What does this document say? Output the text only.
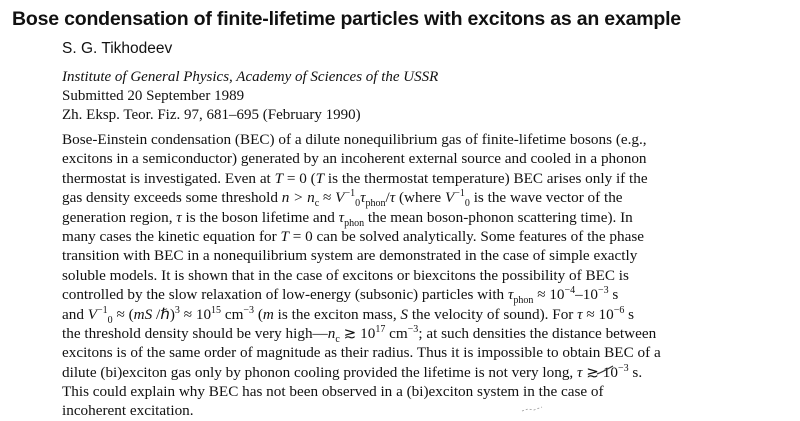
Bose condensation of finite-lifetime particles with excitons as an example
S. G. Tikhodeev
Institute of General Physics, Academy of Sciences of the USSR
Submitted 20 September 1989
Zh. Eksp. Teor. Fiz. 97, 681–695 (February 1990)
Bose-Einstein condensation (BEC) of a dilute nonequilibrium gas of finite-lifetime bosons (e.g.,
excitons in a semiconductor) generated by an incoherent external source and cooled in a phonon
thermostat is investigated. Even at T = 0 (T is the thermostat temperature) BEC arises only if the
gas density exceeds some threshold $n > n_c \approx V^{-1}_0\tau_{phon}/\tau$ (where $V^{-1}_0$ is the wave vector of the
generation region, τ is the boson lifetime and $\tau_{phon}$ the mean boson-phonon scattering time). In
many cases the kinetic equation for T = 0 can be solved analytically. Some features of the phase
transition with BEC in a nonequilibrium system are demonstrated in the case of simple exactly
soluble models. It is shown that in the case of excitons or biexcitons the possibility of BEC is
controlled by the slow relaxation of low-energy (subsonic) particles with $\tau_{phon} \approx 10^{-4}-10^{-3}$ s
and $V^{-1}_0 \approx (mS$ /ℏ)$^3$ ≈ $10^{15}$ $cm^{-3}$ (m is the exciton mass, S the velocity of sound). For $\tau \approx 10^{-6}$ s
the threshold density should be very $high—n_c$ ≳ $10^{17}$ $cm^{-3}$; at such densities the distance between
excitons is of the same order of magnitude as their radius. Thus it is impossible to obtain BEC of a
dilute (bi)exciton gas only by phonon cooling provided the lifetime is not very long, τ ≳ $10^{-3}$ s.
This could explain why BEC has not been observed in a (bi)exciton system in the case of
incoherent excitation.
